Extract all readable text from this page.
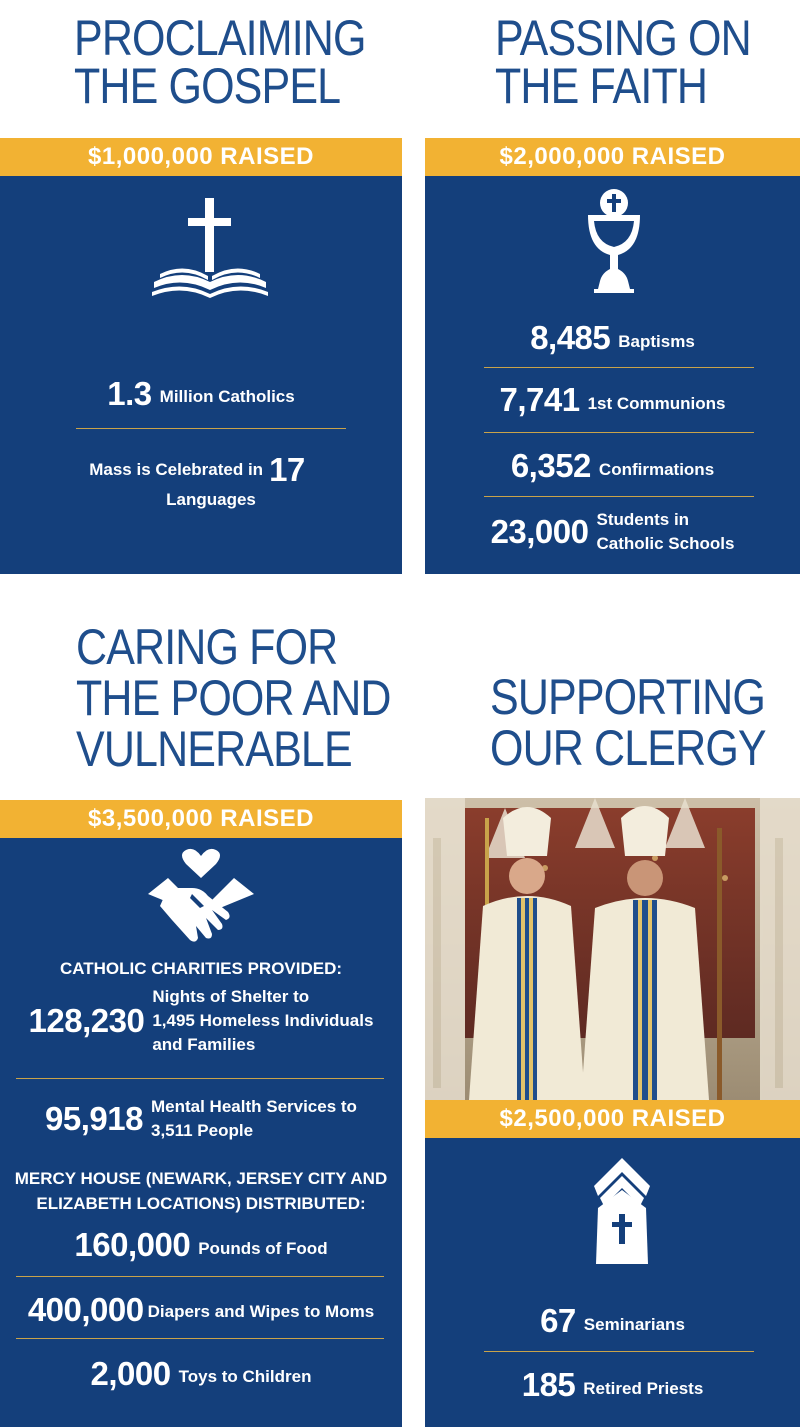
PROCLAIMING
THE GOSPEL
$1,000,000 RAISED
1.3 Million Catholics
Mass is Celebrated in 17
Languages
PASSING ON
THE FAITH
$2,000,000 RAISED
8,485 Baptisms
7,741 1st Communions
6,352 Confirmations
23,000 Students in
Catholic Schools
CARING FOR
THE POOR AND
VULNERABLE
$3,500,000 RAISED
CATHOLIC CHARITIES PROVIDED:
128,230
Nights of Shelter to
1,495 Homeless Individuals
and Families
95,918 Mental Health Services to
3,511 People
MERCY HOUSE (NEWARK, JERSEY CITY AND
ELIZABETH LOCATIONS) DISTRIBUTED:
160,000 Pounds of Food
400,000 Diapers and Wipes to Moms
2,000 Toys to Children
SUPPORTING
OUR CLERGY
$2,500,000 RAISED
67 Seminarians
185 Retired Priests
